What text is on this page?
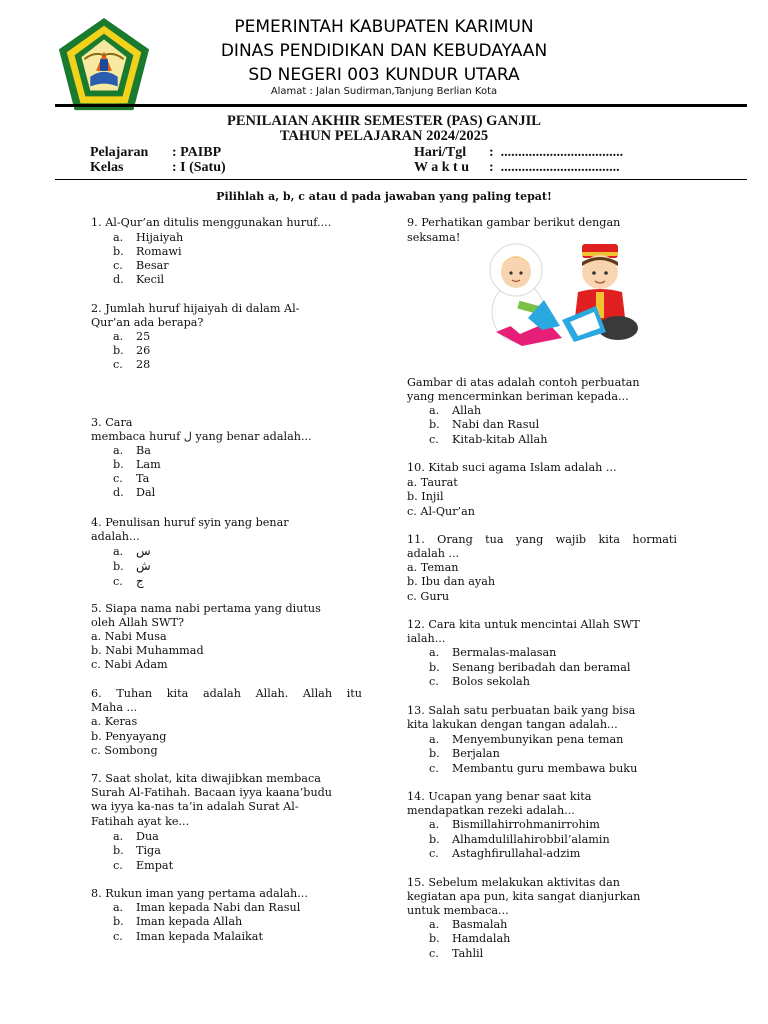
PEMERINTAH KABUPATEN KARIMUN
DINAS PENDIDIKAN DAN KEBUDAYAAN
SD NEGERI 003 KUNDUR UTARA
Alamat : Jalan Sudirman,Tanjung Berlian Kota
PENILAIAN AKHIR SEMESTER (PAS) GANJIL
TAHUN PELAJARAN 2024/2025
Pelajaran : PAIBP
Kelas	: I (Satu)
Hari/Tgl :  ...................................
W a k t u :  ..................................
Pilihlah a, b, c atau d pada jawaban yang paling tepat!
1. Al-Qur’an ditulis menggunakan huruf....
a. Hijaiyah
b. Romawi
c. Besar
d. Kecil
2. Jumlah huruf hijaiyah di dalam Al-
Qur’an ada berapa?
a. 25
b. 26
c. 28
3. Cara
membaca huruf ل yang benar adalah...
a. Ba
b. Lam
c. Ta
d. Dal
4. Penulisan huruf syin yang benar
adalah...
a. س
b. ش
c. ج
5. Siapa nama nabi pertama yang diutus
oleh Allah SWT?
a. Nabi Musa
b. Nabi Muhammad
c. Nabi Adam
6. Tuhan kita adalah Allah. Allah itu
Maha ...
a. Keras
b. Penyayang
c. Sombong
7. Saat sholat, kita diwajibkan membaca
Surah Al-Fatihah. Bacaan iyya kaana’budu
wa iyya ka-nas ta’in adalah Surat Al-
Fatihah ayat ke...
a. Dua
b. Tiga
c. Empat
8. Rukun iman yang pertama adalah...
a. Iman kepada Nabi dan Rasul
b. Iman kepada Allah
c. Iman kepada Malaikat
9. Perhatikan gambar berikut dengan
seksama!
Gambar di atas adalah contoh perbuatan
yang mencerminkan beriman kepada...
a. Allah
b. Nabi dan Rasul
c. Kitab-kitab Allah
10. Kitab suci agama Islam adalah ...
a. Taurat
b. Injil
c. Al-Qur’an
11. Orang tua yang wajib kita hormati
adalah ...
a. Teman
b. Ibu dan ayah
c. Guru
12. Cara kita untuk mencintai Allah SWT
ialah...
a. Bermalas-malasan
b. Senang beribadah dan beramal
c. Bolos sekolah
13. Salah satu perbuatan baik yang bisa
kita lakukan dengan tangan adalah...
a. Menyembunyikan pena teman
b. Berjalan
c. Membantu guru membawa buku
14. Ucapan yang benar saat kita
mendapatkan rezeki adalah...
a. Bismillahirrohmanirrohim
b. Alhamdulillahirobbil’alamin
c. Astaghfirullahal-adzim
15. Sebelum melakukan aktivitas dan
kegiatan apa pun, kita sangat dianjurkan
untuk membaca...
a. Basmalah
b. Hamdalah
c. Tahlil
